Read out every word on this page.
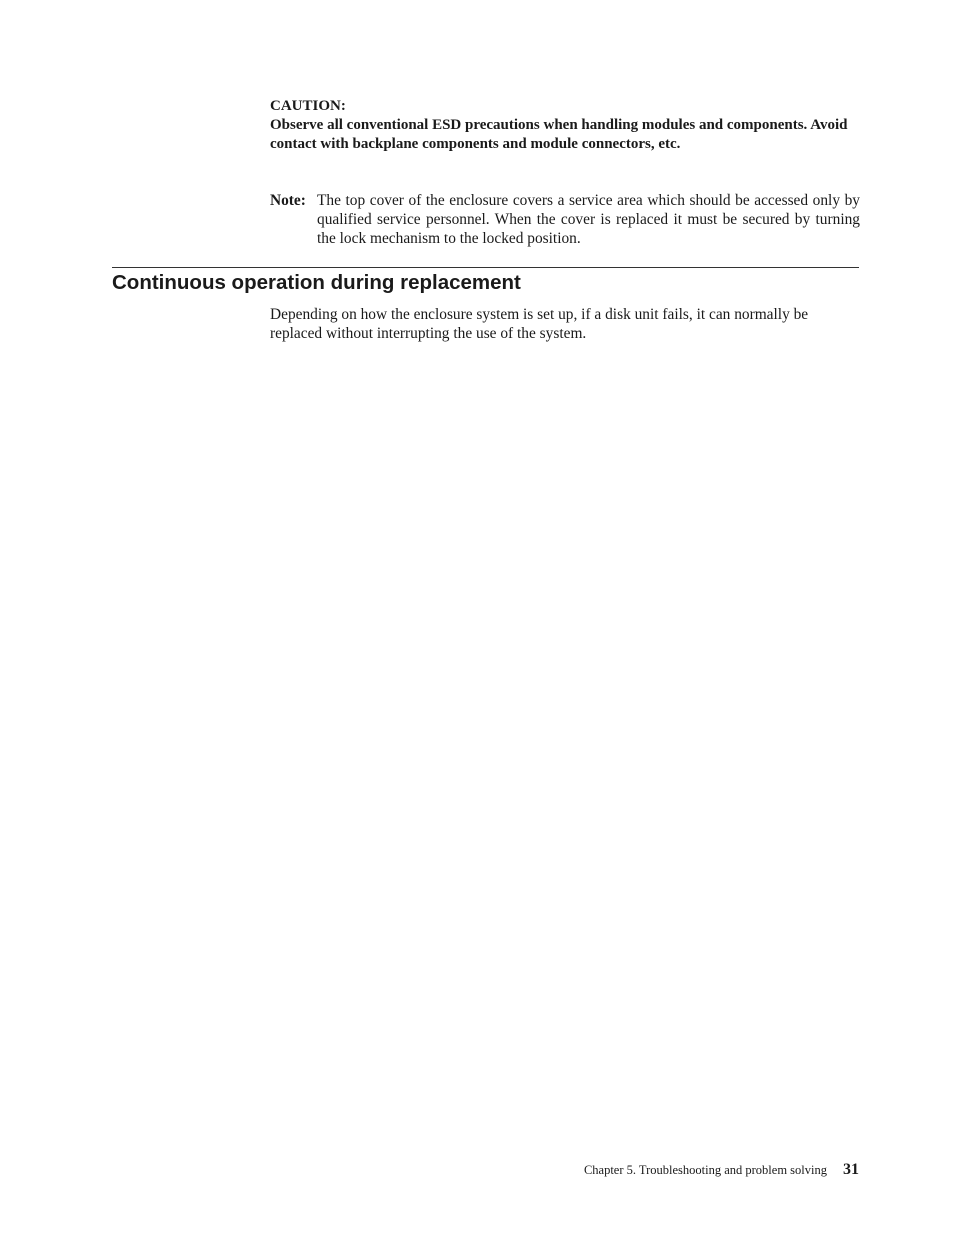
CAUTION:
Observe all conventional ESD precautions when handling modules and components. Avoid contact with backplane components and module connectors, etc.
Note: The top cover of the enclosure covers a service area which should be accessed only by qualified service personnel. When the cover is replaced it must be secured by turning the lock mechanism to the locked position.
Continuous operation during replacement

Depending on how the enclosure system is set up, if a disk unit fails, it can normally be replaced without interrupting the use of the system.

Chapter 5. Troubleshooting and problem solving 31
